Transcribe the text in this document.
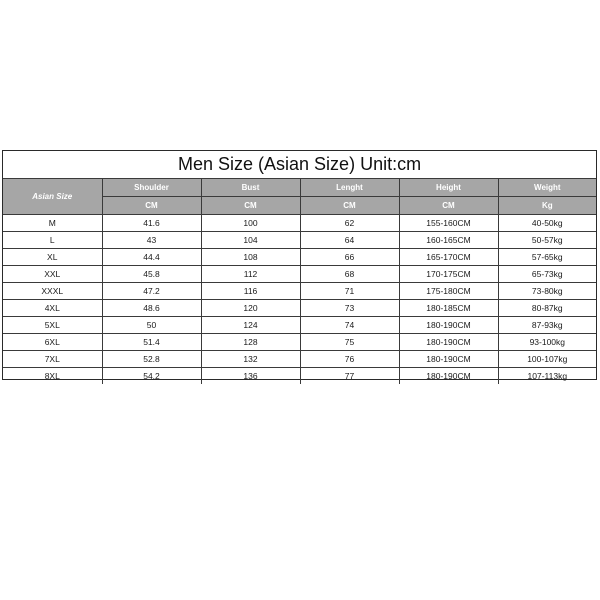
Men Size (Asian Size) Unit:cm					
Asian Size	Shoulder	Bust	Lenght	Height	Weight
	CM	CM	CM	CM	Kg
M	41.6	100	62	155-160CM	40-50kg
L	43	104	64	160-165CM	50-57kg
XL	44.4	108	66	165-170CM	57-65kg
XXL	45.8	112	68	170-175CM	65-73kg
XXXL	47.2	116	71	175-180CM	73-80kg
4XL	48.6	120	73	180-185CM	80-87kg
5XL	50	124	74	180-190CM	87-93kg
6XL	51.4	128	75	180-190CM	93-100kg
7XL	52.8	132	76	180-190CM	100-107kg
8XL	54.2	136	77	180-190CM	107-113kg
